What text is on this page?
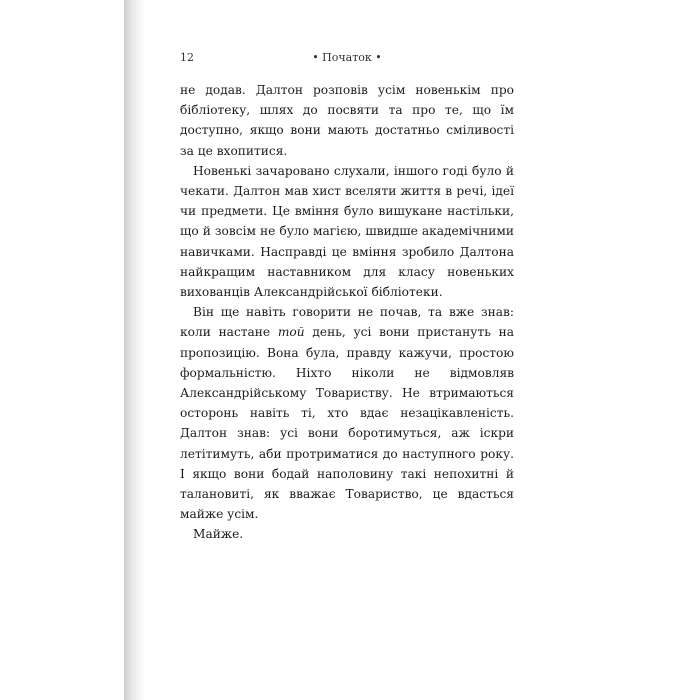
12	• Початок •

не додав. Далтон розповів усім новенькім про бібліотеку, шлях до посвяти та про те, що їм доступно, якщо вони мають достатньо сміливості за це вхопитися.

Новенькі зачаровано слухали, іншого годі було й чекати. Далтон мав хист вселяти життя в речі, ідеї чи предмети. Це вміння було вишукане настільки, що й зовсім не було магією, швидше академічними навичками. Насправді це вміння зробило Далтона найкращим наставником для класу новеньких вихованців Александрійської бібліотеки.

Він ще навіть говорити не почав, та вже знав: коли настане той день, усі вони пристануть на пропозицію. Вона була, правду кажучи, простою формальністю. Ніхто ніколи не відмовляв Александрійському Товариству. Не втримаються осторонь навіть ті, хто вдає незацікавленість. Далтон знав: усі вони боротимуться, аж іскри летітимуть, аби протриматися до наступного року. І якщо вони бодай наполовину такі непохитні й талановиті, як вважає Товариство, це вдасться майже усім.

Майже.
